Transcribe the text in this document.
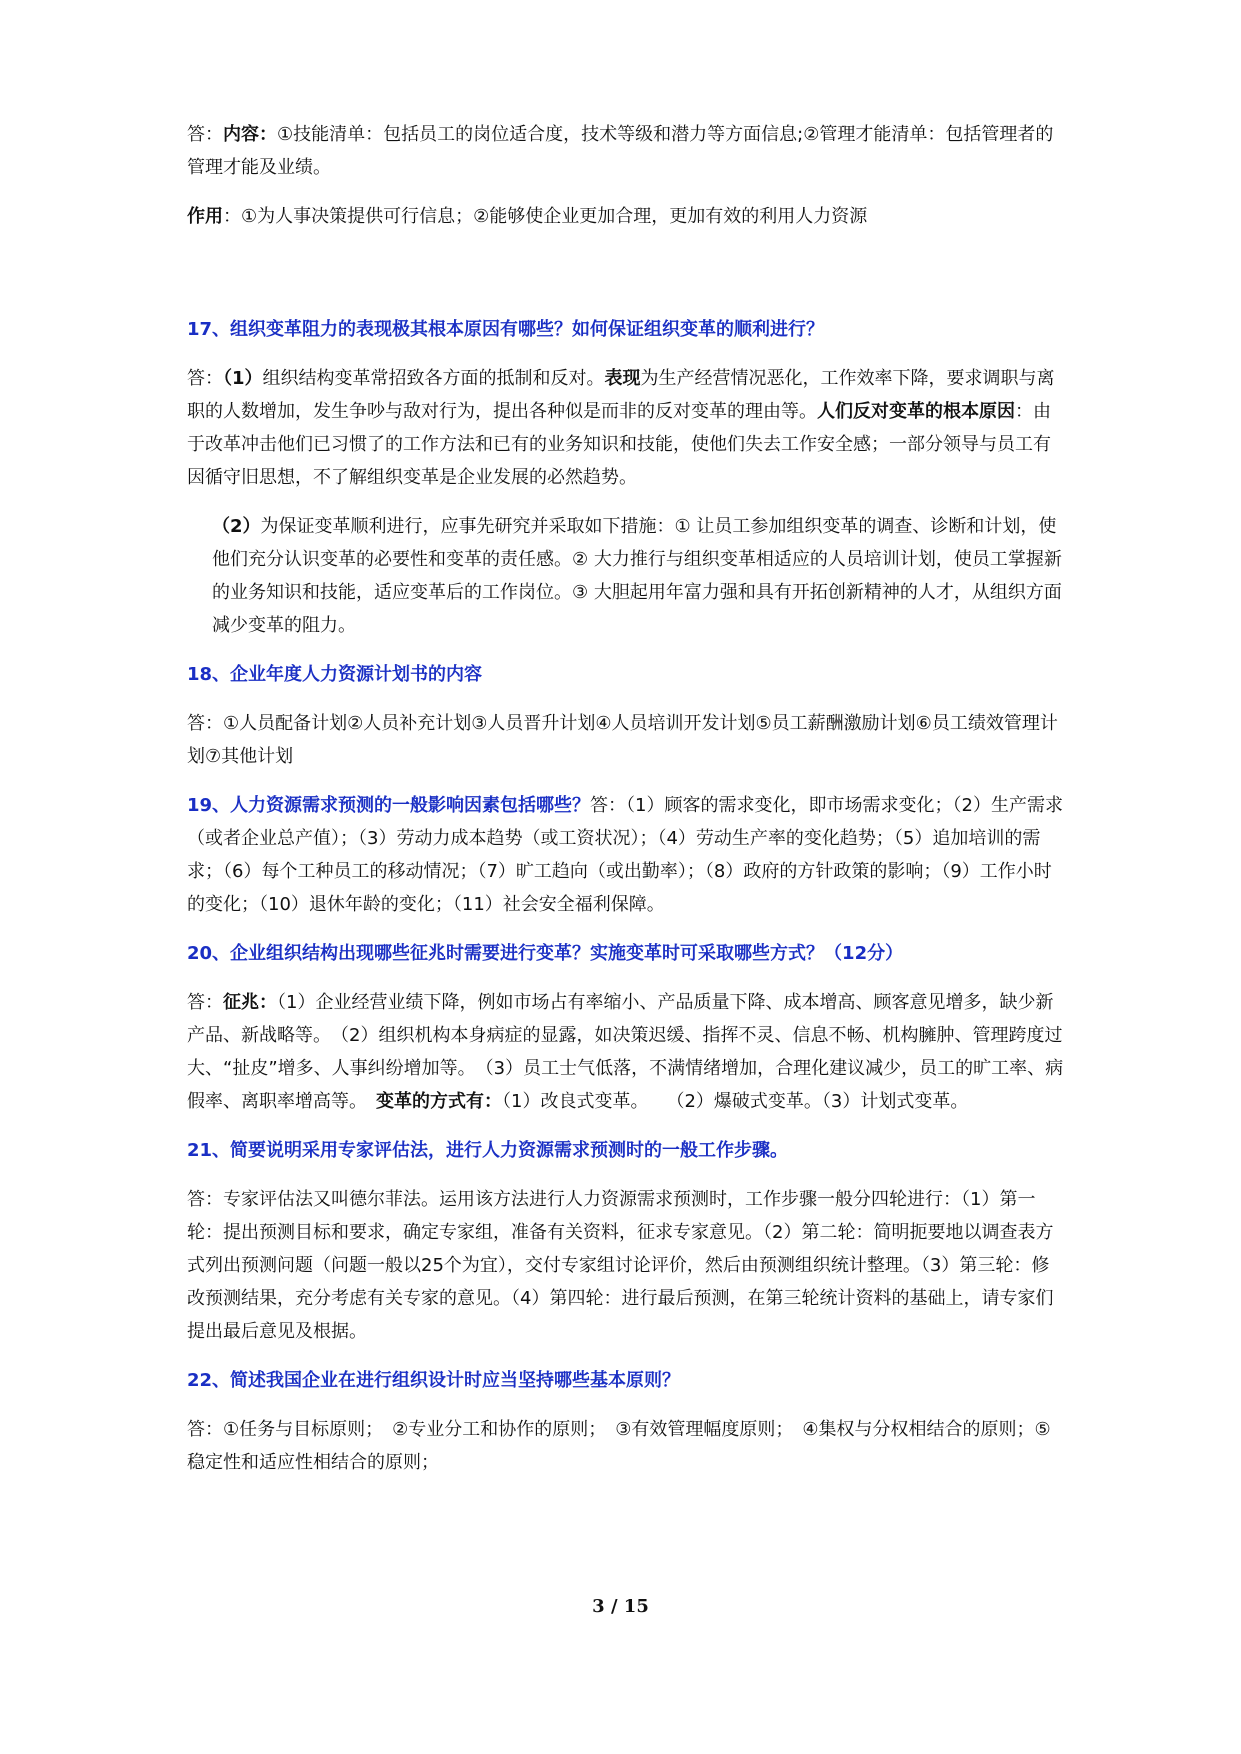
答：内容：①技能清单：包括员工的岗位适合度，技术等级和潜力等方面信息;②管理才能清单：包括管理者的管理才能及业绩。

作用：①为人事决策提供可行信息；②能够使企业更加合理，更加有效的利用人力资源

17、组织变革阻力的表现极其根本原因有哪些？如何保证组织变革的顺利进行？

答：（1）组织结构变革常招致各方面的抵制和反对。表现为生产经营情况恶化，工作效率下降，要求调职与离职的人数增加，发生争吵与敌对行为，提出各种似是而非的反对变革的理由等。人们反对变革的根本原因：由于改革冲击他们已习惯了的工作方法和已有的业务知识和技能，使他们失去工作安全感；一部分领导与员工有因循守旧思想，不了解组织变革是企业发展的必然趋势。

（2）为保证变革顺利进行，应事先研究并采取如下措施：① 让员工参加组织变革的调查、诊断和计划，使他们充分认识变革的必要性和变革的责任感。② 大力推行与组织变革相适应的人员培训计划，使员工掌握新的业务知识和技能，适应变革后的工作岗位。③ 大胆起用年富力强和具有开拓创新精神的人才，从组织方面减少变革的阻力。

18、企业年度人力资源计划书的内容

答：①人员配备计划②人员补充计划③人员晋升计划④人员培训开发计划⑤员工薪酬激励计划⑥员工绩效管理计划⑦其他计划

19、人力资源需求预测的一般影响因素包括哪些？答：（1）顾客的需求变化，即市场需求变化；（2）生产需求（或者企业总产值）；（3）劳动力成本趋势（或工资状况）；（4）劳动生产率的变化趋势；（5）追加培训的需求；（6）每个工种员工的移动情况；（7）旷工趋向（或出勤率）；（8）政府的方针政策的影响；（9）工作小时的变化；（10）退休年龄的变化；（11）社会安全福利保障。

20、企业组织结构出现哪些征兆时需要进行变革？实施变革时可采取哪些方式？（12分）

答：征兆：（1）企业经营业绩下降，例如市场占有率缩小、产品质量下降、成本增高、顾客意见增多，缺少新产品、新战略等。　（2）组织机构本身病症的显露，如决策迟缓、指挥不灵、信息不畅、机构臃肿、管理跨度过大、“扯皮”增多、人事纠纷增加等。　（3）员工士气低落，不满情绪增加，合理化建议减少，员工的旷工率、病假率、离职率增高等。　变革的方式有：（1）改良式变革。　　（2）爆破式变革。（3）计划式变革。

21、简要说明采用专家评估法，进行人力资源需求预测时的一般工作步骤。

答：专家评估法又叫德尔菲法。运用该方法进行人力资源需求预测时，工作步骤一般分四轮进行：（1）第一轮：提出预测目标和要求，确定专家组，准备有关资料，征求专家意见。（2）第二轮：简明扼要地以调查表方式列出预测问题（问题一般以25个为宜），交付专家组讨论评价，然后由预测组织统计整理。（3）第三轮：修改预测结果，充分考虑有关专家的意见。（4）第四轮：进行最后预测，在第三轮统计资料的基础上，请专家们提出最后意见及根据。

22、简述我国企业在进行组织设计时应当坚持哪些基本原则？

答：①任务与目标原则；　②专业分工和协作的原则；　③有效管理幅度原则；　④集权与分权相结合的原则；⑤稳定性和适应性相结合的原则；

3 / 15
